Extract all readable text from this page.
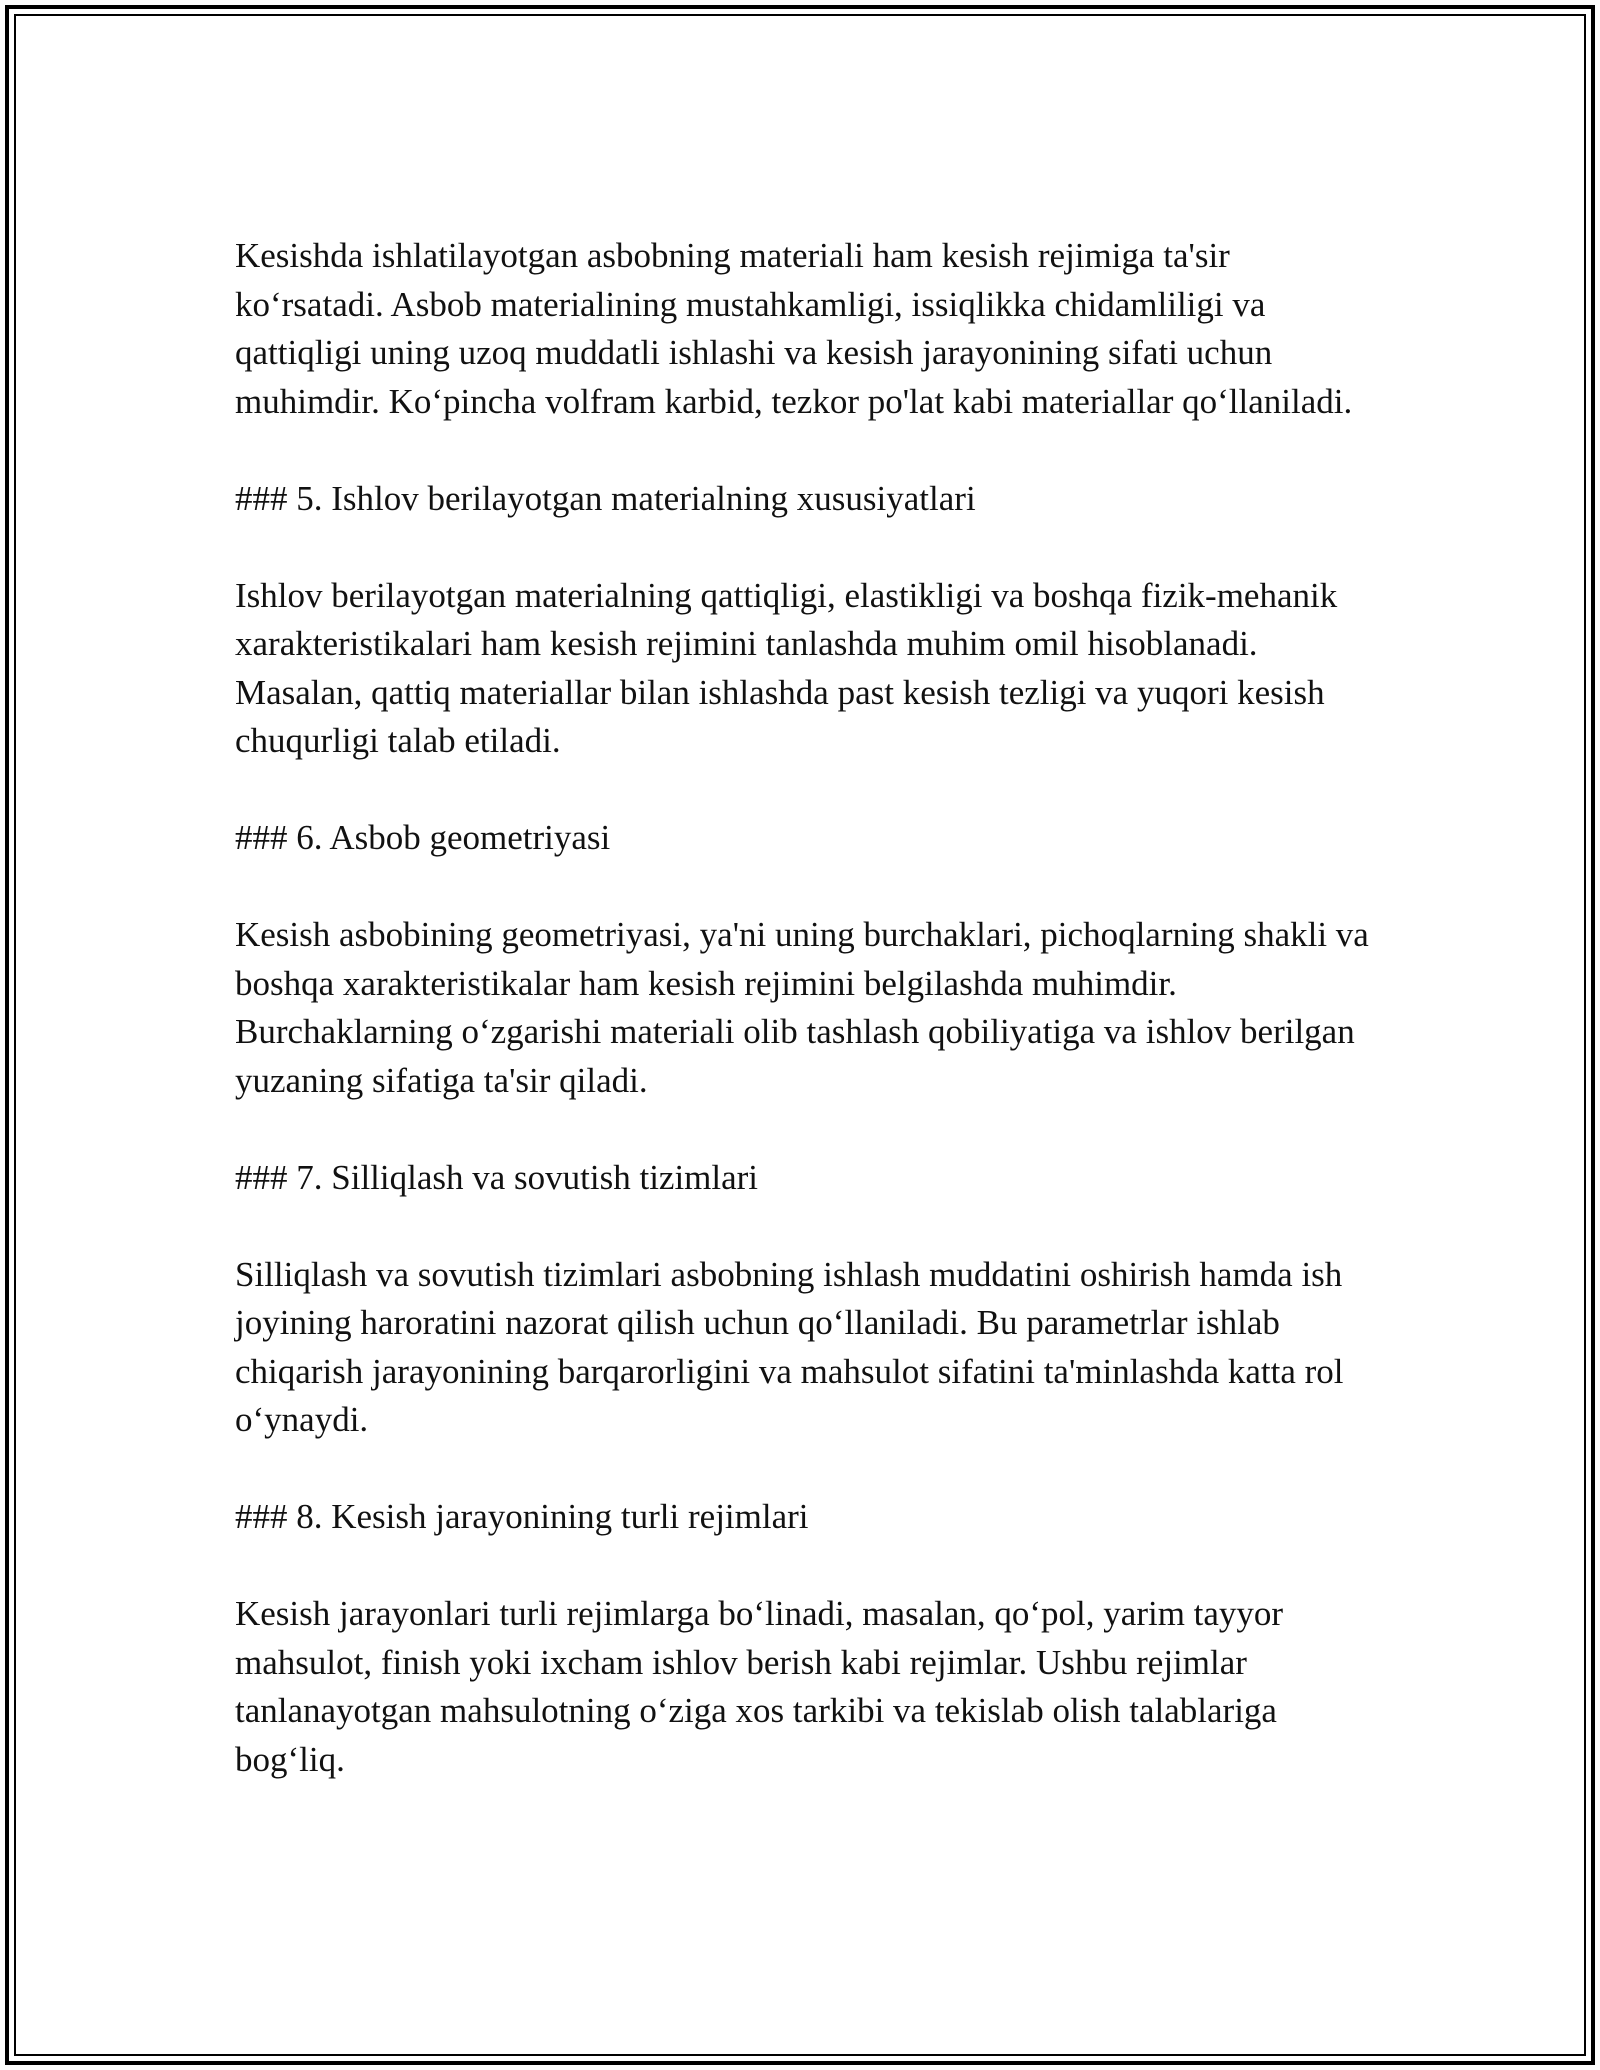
Kesishda ishlatilayotgan asbobning materiali ham kesish rejimiga ta'sir ko‘rsatadi. Asbob materialining mustahkamligi, issiqlikka chidamliligi va qattiqligi uning uzoq muddatli ishlashi va kesish jarayonining sifati uchun muhimdir. Ko‘pincha volfram karbid, tezkor po'lat kabi materiallar qo‘llaniladi.

### 5. Ishlov berilayotgan materialning xususiyatlari

Ishlov berilayotgan materialning qattiqligi, elastikligi va boshqa fizik-mehanik xarakteristikalari ham kesish rejimini tanlashda muhim omil hisoblanadi. Masalan, qattiq materiallar bilan ishlashda past kesish tezligi va yuqori kesish chuqurligi talab etiladi.

### 6. Asbob geometriyasi

Kesish asbobining geometriyasi, ya'ni uning burchaklari, pichoqlarning shakli va boshqa xarakteristikalar ham kesish rejimini belgilashda muhimdir. Burchaklarning o‘zgarishi materiali olib tashlash qobiliyatiga va ishlov berilgan yuzaning sifatiga ta'sir qiladi.

### 7. Silliqlash va sovutish tizimlari

Silliqlash va sovutish tizimlari asbobning ishlash muddatini oshirish hamda ish joyining haroratini nazorat qilish uchun qo‘llaniladi. Bu parametrlar ishlab chiqarish jarayonining barqarorligini va mahsulot sifatini ta'minlashda katta rol o‘ynaydi.

### 8. Kesish jarayonining turli rejimlari

Kesish jarayonlari turli rejimlarga bo‘linadi, masalan, qo‘pol, yarim tayyor mahsulot, finish yoki ixcham ishlov berish kabi rejimlar. Ushbu rejimlar tanlanayotgan mahsulotning o‘ziga xos tarkibi va tekislab olish talablariga bog‘liq.
